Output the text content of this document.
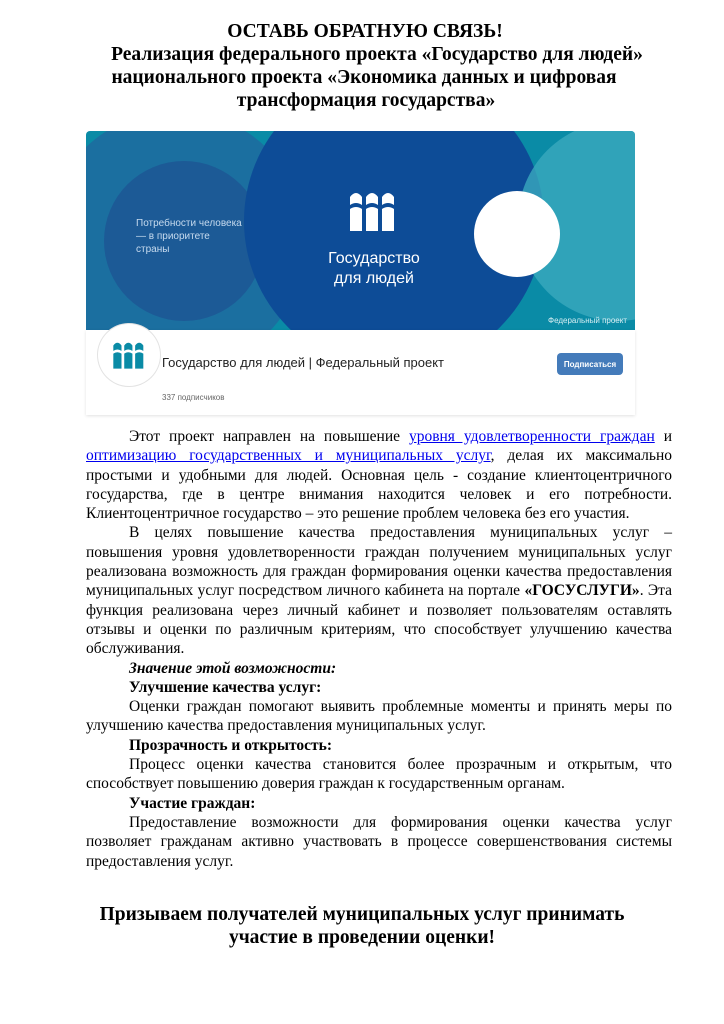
ОСТАВЬ ОБРАТНУЮ СВЯЗЬ!
Реализация федерального проекта «Государство для людей»
национального проекта «Экономика данных и цифровая
трансформация государства»
Потребности человека — в приоритете страны
Государство
для людей
Федеральный проект
Государство для людей | Федеральный проект
337 подписчиков
Подписаться

Этот проект направлен на повышение уровня удовлетворенности граждан и оптимизацию государственных и муниципальных услуг, делая их максимально простыми и удобными для людей. Основная цель - создание клиентоцентричного государства, где в центре внимания находится человек и его потребности. Клиентоцентричное государство – это решение проблем человека без его участия.

В целях повышение качества предоставления муниципальных услуг – повышения уровня удовлетворенности граждан получением муниципальных услуг реализована возможность для граждан формирования оценки качества предоставления муниципальных услуг посредством личного кабинета на портале «ГОСУСЛУГИ». Эта функция реализована через личный кабинет и позволяет пользователям оставлять отзывы и оценки по различным критериям, что способствует улучшению качества обслуживания.

Значение этой возможности:

Улучшение качества услуг:

Оценки граждан помогают выявить проблемные моменты и принять меры по улучшению качества предоставления муниципальных услуг.

Прозрачность и открытость:

Процесс оценки качества становится более прозрачным и открытым, что способствует повышению доверия граждан к государственным органам.

Участие граждан:

Предоставление возможности для формирования оценки качества услуг позволяет гражданам активно участвовать в процессе совершенствования системы предоставления услуг.

Призываем получателей муниципальных услуг принимать
участие в проведении оценки!
